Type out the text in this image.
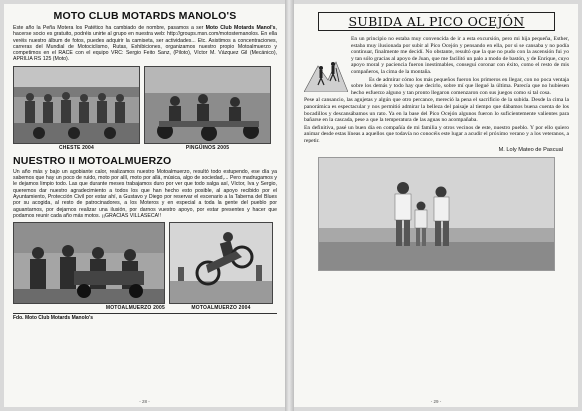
MOTO CLUB MOTARDS MANOLO'S

Este año la Peña Motera los Patético ha cambiado de nombre, pasamos a ser Moto Club Motards Manol's, hacerse socio es gratuito, podréis unirte al grupo en nuestra web: http://groups.msn.com/motostemanolos. En ella veréis nuestro álbum de fotos, puedes adquirir la camiseta, ser actividades... Etc. Asistimos a concentraciones, carreras del Mundial de Motociclismo, Rutas, Exhibiciones, organizamos nuestro propio Motoalmuerzo y competimos en el RACE con el equipo VRC: Sergio Feito Sanz, (Piloto), Víctor M. Vázquez Gil (Mecánico), APRILIA RS 125 (Moto).

CHESTE 2004	PINGÜINOS 2005
NUESTRO II MOTOALMUERZO

Un año más y bajo un agobiante calor, realizamos nuestro Motoalmuerzo, resultó todo estupendo, ese día ya sabemos que hay un poco de ruido, moto por allí, moto por allá, música, algo de sociedad,... Pero madrugamos y le dejamos limpio todo. Las que durante meses trabajamos duro por ver que todo salga así, Víctor, Iva y Sergio, queremos dar nuestro agradecimiento a todos los que han hecho esto posible, al apoyo recibido por el Ayuntamiento, Protección Civil por estar ahí, a Gustavo y Diego por reservar el escenario a la Taberna del Blues por su acogida, al resto de patrocinadores, a los Moteros y en especial a toda la gente del pueblo por aguantarnos, por dejarnos realizar una ilusión, por darnos vuestro apoyo, por estar presentes y hacer que podamos reunir cada año más motos. ¡¡GRACIAS VILLASECA!!

MOTOALMUERZO 2005	MOTOALMUERZO 2004
Fdo. Moto Club Motards Manolo's
- 28 -
SUBIDA AL PICO OCEJÓN

En un principio no estaba muy convencida de ir a esta excursión, pero mi hija pequeña, Esther, estaba muy ilusionada por subir al Pico Ocejón y pensando en ella, por si se cansaba y no podía continuar, finalmente me decidí. No obstante, resultó que la que no pudo con la ascensión fui yo y tan sólo gracias al apoyo de Juan, que me facilitó un palo a modo de bastón, y de Enrique, cuyo apoyo moral y paciencia fueron inestimables, conseguí coronar con éxito, como el resto de mis compañeros, la cima de la montaña.

Es de admirar cómo los más pequeños fueron los primeros en llegar, con no poca ventaja sobre los demás y todo hay que decirlo, sobre mí que llegué la última. Parecía que no hubiesen hecho esfuerzo alguno y tan pronto llegaron comenzaron con sus juegos como si tal cosa.

Pese al cansancio, las agujetas y algún que otro percance, mereció la pena el sacrificio de la subida. Desde la cima la panorámica es espectacular y nos permitió admirar la belleza del paisaje al tiempo que dábamos buena cuenta de los bocadillos y descansábamos un rato. Ya en la base del Pico Ocejón algunos fueron lo suficientemente valientes para bañarse en la cascada, pese a que la temperatura de las aguas no acompañaba.

En definitiva, pasé un buen día en compañía de mi familia y otros vecinos de este, nuestro pueblo. Y por ello quiero animar desde estas líneas a aquellos que todavía no conocéis este lugar a acudir el próximo verano y a los veteranos, a repetir.

M. Loly Mateo de Pascual
- 29 -
